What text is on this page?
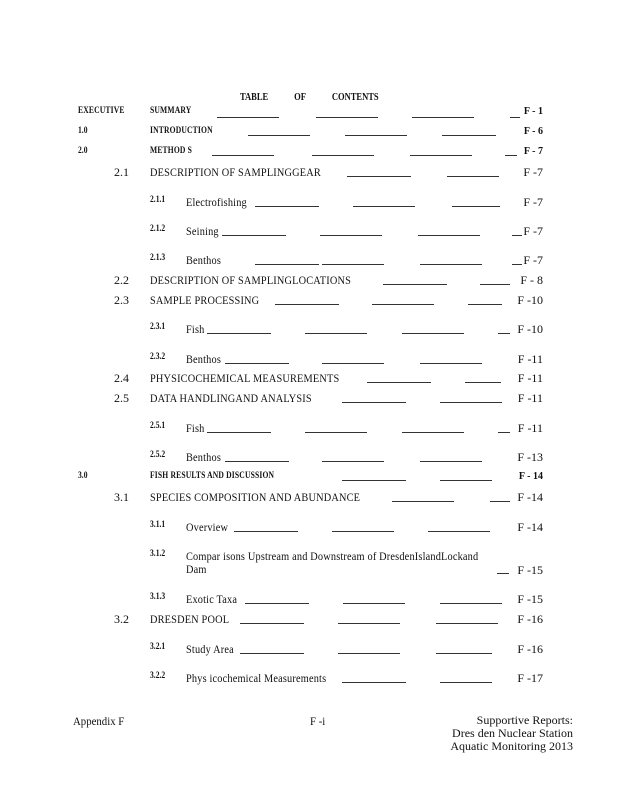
TABLE	OF	CONTENTS
EXECUTIVE	SUMMARY	F - 1
1.0	INTRODUCTION	F - 6
2.0	METHOD S	F - 7
2.1 DESCRIPTION OF SAMPLINGGEAR	F -7
2.1.1 Electrofishing	F -7
2.1.2 Seining	F -7
2.1.3 Benthos	F -7
2.2 DESCRIPTION OF SAMPLINGLOCATIONS	F - 8
2.3 SAMPLE PROCESSING	F -10
2.3.1 Fish	F -10
2.3.2 Benthos	F -11
2.4 PHYSICOCHEMICAL MEASUREMENTS	F -11
2.5 DATA HANDLINGAND ANALYSIS	F -11
2.5.1 Fish	F -11
2.5.2 Benthos	F -13
3.0	FISH RESULTS AND DISCUSSION	F - 14
3.1 SPECIES COMPOSITION AND ABUNDANCE	F -14
3.1.1 Overview	F -14
3.1.2 Compar isons Upstream and Downstream of DresdenIslandLockand
Dam	F -15
3.1.3 Exotic Taxa	F -15
3.2 DRESDEN POOL	F -16
3.2.1 Study Area	F -16
3.2.2 Phys icochemical Measurements	F -17
Appendix F	F -i	Supportive Reports:
Dres den Nuclear Station
Aquatic Monitoring 2013
